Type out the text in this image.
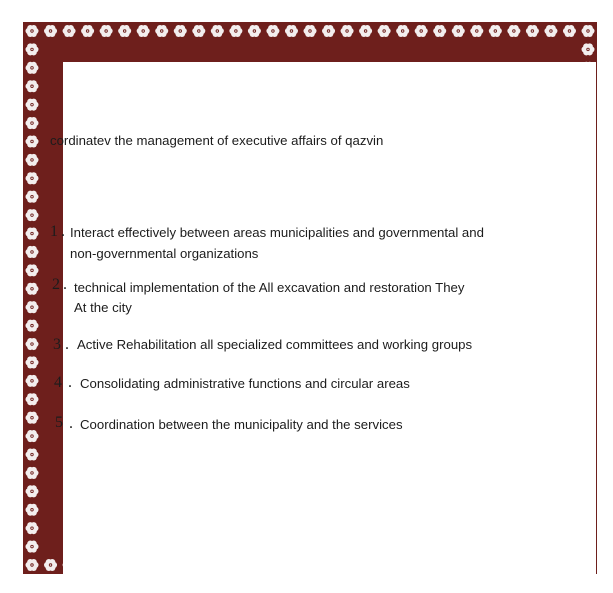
cordinatev the management of executive affairs of qazvin
1 . Interact effectively between areas municipalities and governmental and
non-governmental organizations
2 . technical implementation of the All excavation and restoration They
At the city
3 . Active Rehabilitation all specialized committees and working groups
4 . Consolidating administrative functions and circular areas
5 . Coordination between the municipality and the services
